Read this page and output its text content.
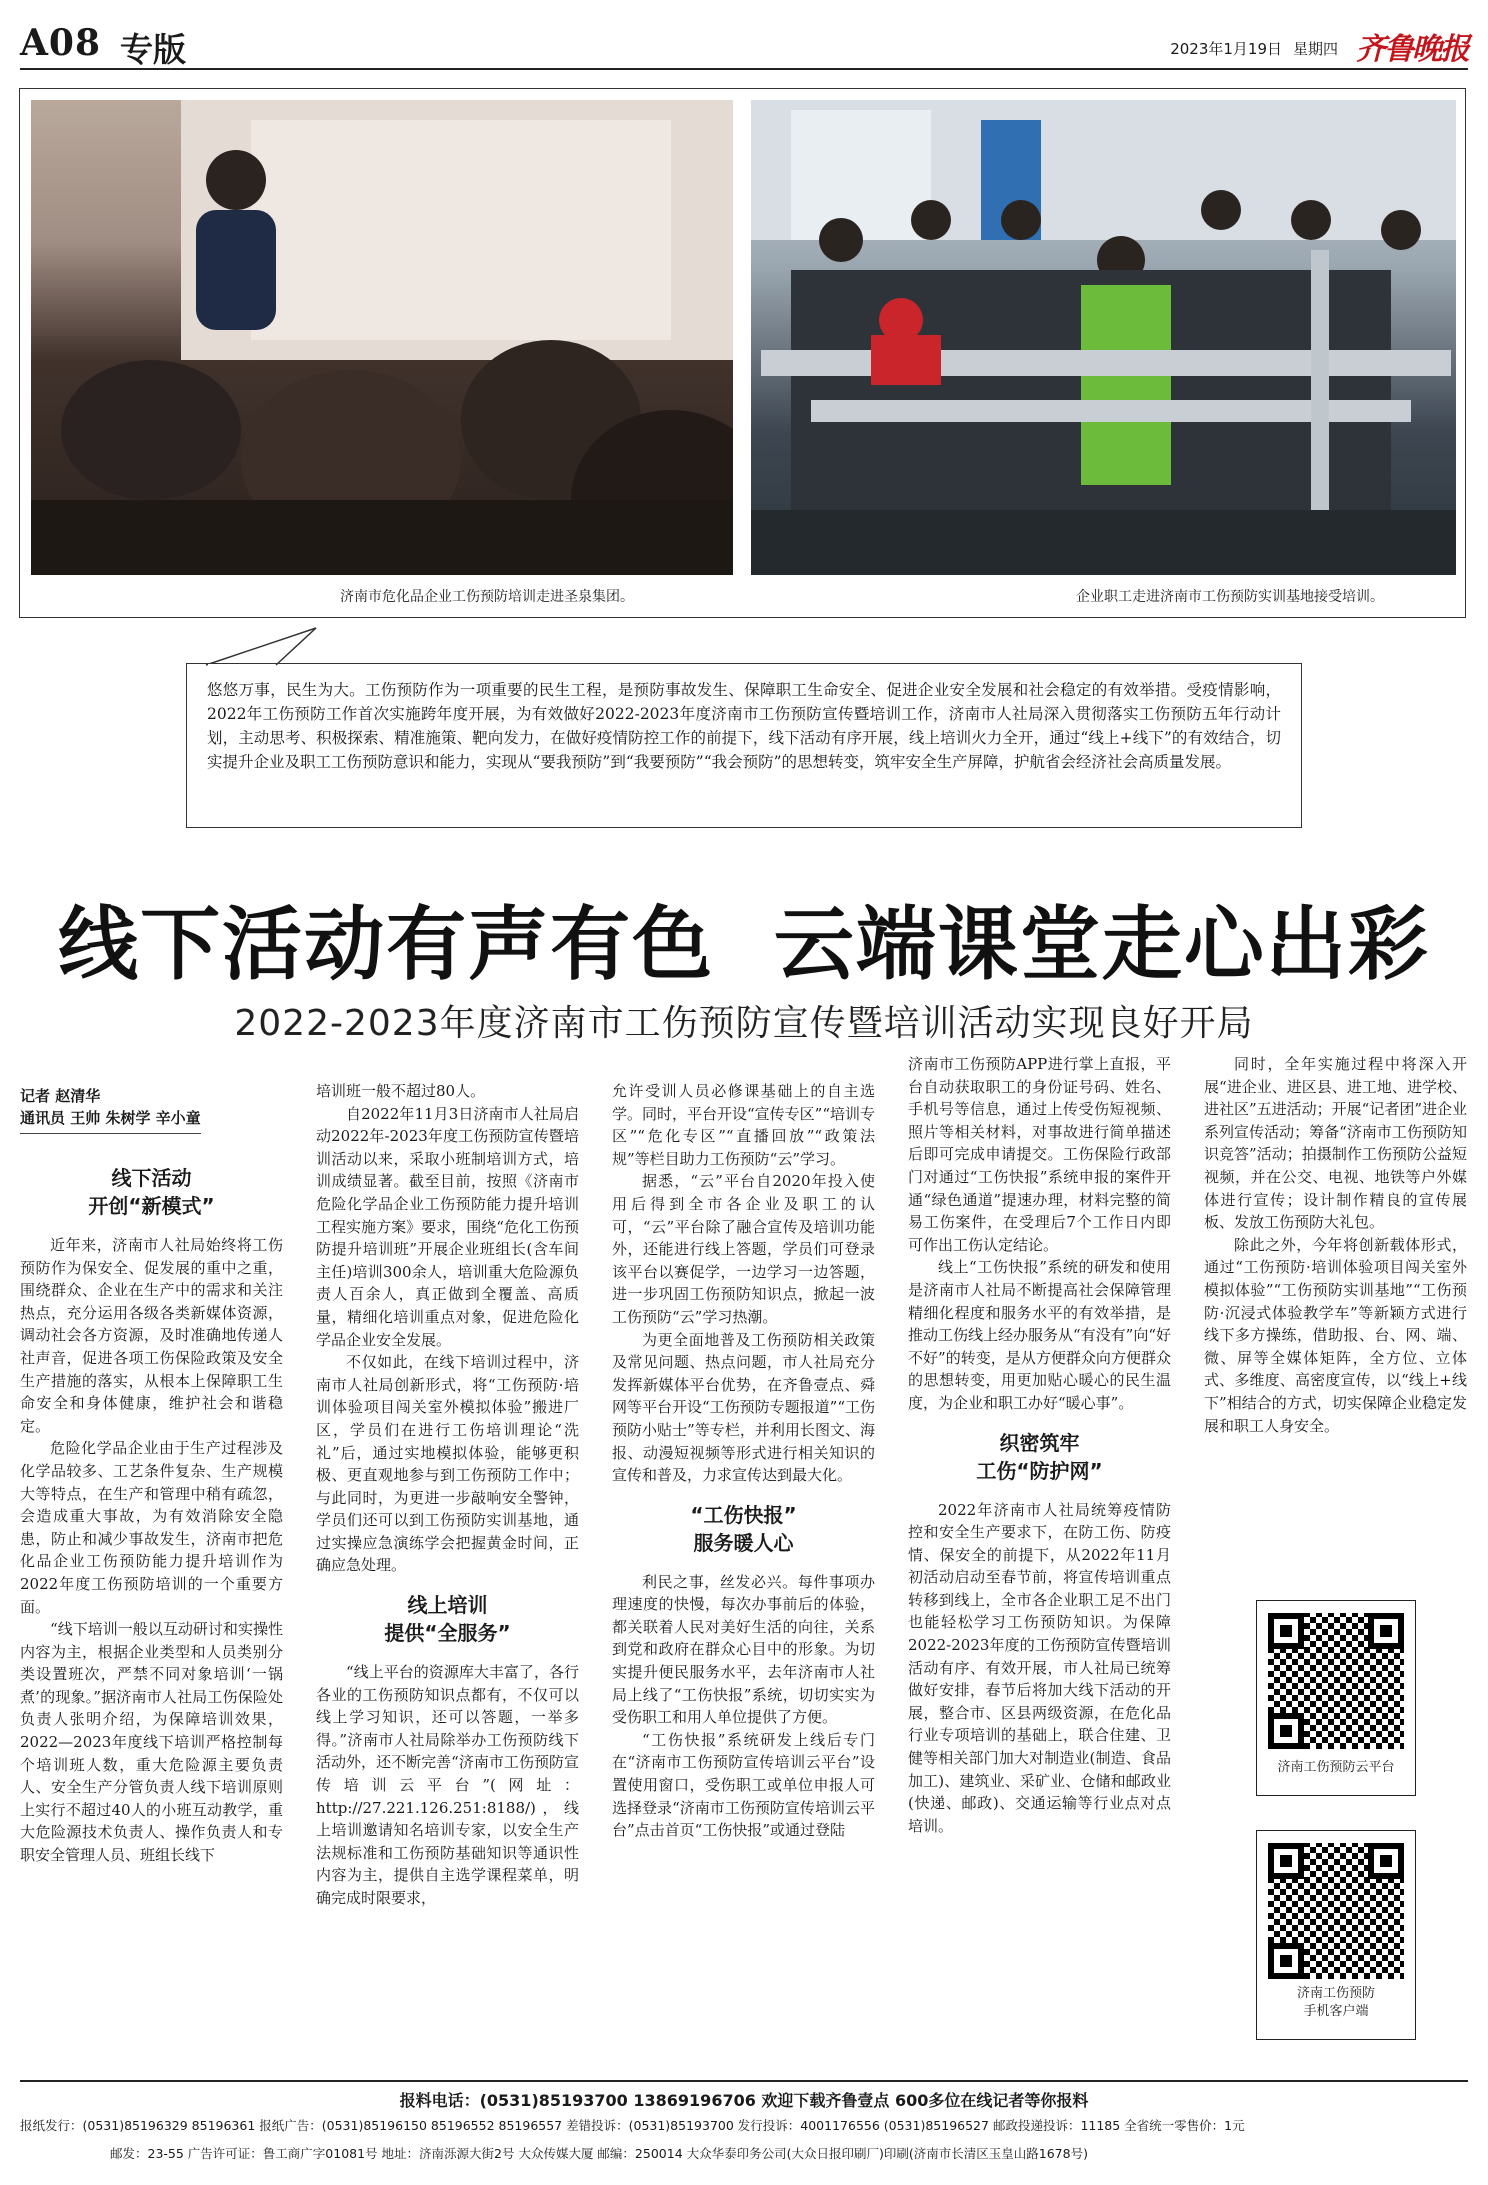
A08 专版	2023年1月19日 星期四 齐鲁晚报
济南市危化品企业工伤预防培训走进圣泉集团。	企业职工走进济南市工伤预防实训基地接受培训。

悠悠万事，民生为大。工伤预防作为一项重要的民生工程，是预防事故发生、保障职工生命安全、促进企业安全发展和社会稳定的有效举措。受疫情影响，2022年工伤预防工作首次实施跨年度开展，为有效做好2022-2023年度济南市工伤预防宣传暨培训工作，济南市人社局深入贯彻落实工伤预防五年行动计划，主动思考、积极探索、精准施策、靶向发力，在做好疫情防控工作的前提下，线下活动有序开展，线上培训火力全开，通过“线上+线下”的有效结合，切实提升企业及职工工伤预防意识和能力，实现从“要我预防”到“我要预防”“我会预防”的思想转变，筑牢安全生产屏障，护航省会经济社会高质量发展。

线下活动有声有色  云端课堂走心出彩
2022-2023年度济南市工伤预防宣传暨培训活动实现良好开局
记者 赵清华
通讯员 王帅 朱树学 辛小童
线下活动
开创“新模式”

近年来，济南市人社局始终将工伤预防作为保安全、促发展的重中之重，围绕群众、企业在生产中的需求和关注热点，充分运用各级各类新媒体资源，调动社会各方资源，及时准确地传递人社声音，促进各项工伤保险政策及安全生产措施的落实，从根本上保障职工生命安全和身体健康，维护社会和谐稳定。

危险化学品企业由于生产过程涉及化学品较多、工艺条件复杂、生产规模大等特点，在生产和管理中稍有疏忽，会造成重大事故，为有效消除安全隐患，防止和减少事故发生，济南市把危化品企业工伤预防能力提升培训作为2022年度工伤预防培训的一个重要方面。

“线下培训一般以互动研讨和实操性内容为主，根据企业类型和人员类别分类设置班次，严禁不同对象培训‘一锅煮’的现象。”据济南市人社局工伤保险处负责人张明介绍，为保障培训效果，2022—2023年度线下培训严格控制每个培训班人数，重大危险源主要负责人、安全生产分管负责人线下培训原则上实行不超过40人的小班互动教学，重大危险源技术负责人、操作负责人和专职安全管理人员、班组长线下

培训班一般不超过80人。

自2022年11月3日济南市人社局启动2022年-2023年度工伤预防宣传暨培训活动以来，采取小班制培训方式，培训成绩显著。截至目前，按照《济南市危险化学品企业工伤预防能力提升培训工程实施方案》要求，围绕“危化工伤预防提升培训班”开展企业班组长(含车间主任)培训300余人，培训重大危险源负责人百余人，真正做到全覆盖、高质量，精细化培训重点对象，促进危险化学品企业安全发展。

不仅如此，在线下培训过程中，济南市人社局创新形式，将“工伤预防·培训体验项目闯关室外模拟体验”搬进厂区，学员们在进行工伤培训理论“洗礼”后，通过实地模拟体验，能够更积极、更直观地参与到工伤预防工作中；与此同时，为更进一步敲响安全警钟，学员们还可以到工伤预防实训基地，通过实操应急演练学会把握黄金时间，正确应急处理。

线上培训
提供“全服务”

“线上平台的资源库大丰富了，各行各业的工伤预防知识点都有，不仅可以线上学习知识，还可以答题，一举多得。”济南市人社局除举办工伤预防线下活动外，还不断完善“济南市工伤预防宣传培训云平台”(网址：http://27.221.126.251:8188/)，线上培训邀请知名培训专家，以安全生产法规标准和工伤预防基础知识等通识性内容为主，提供自主选学课程菜单，明确完成时限要求，

允许受训人员必修课基础上的自主选学。同时，平台开设“宣传专区”“培训专区”“危化专区”“直播回放”“政策法规”等栏目助力工伤预防“云”学习。

据悉，“云”平台自2020年投入使用后得到全市各企业及职工的认可，“云”平台除了融合宣传及培训功能外，还能进行线上答题，学员们可登录该平台以赛促学，一边学习一边答题，进一步巩固工伤预防知识点，掀起一波工伤预防“云”学习热潮。

为更全面地普及工伤预防相关政策及常见问题、热点问题，市人社局充分发挥新媒体平台优势，在齐鲁壹点、舜网等平台开设“工伤预防专题报道”“工伤预防小贴士”等专栏，并利用长图文、海报、动漫短视频等形式进行相关知识的宣传和普及，力求宣传达到最大化。

“工伤快报”
服务暖人心

利民之事，丝发必兴。每件事项办理速度的快慢，每次办事前后的体验，都关联着人民对美好生活的向往，关系到党和政府在群众心目中的形象。为切实提升便民服务水平，去年济南市人社局上线了“工伤快报”系统，切切实实为受伤职工和用人单位提供了方便。

“工伤快报”系统研发上线后专门在“济南市工伤预防宣传培训云平台”设置使用窗口，受伤职工或单位申报人可选择登录“济南市工伤预防宣传培训云平台”点击首页“工伤快报”或通过登陆

济南市工伤预防APP进行掌上直报，平台自动获取职工的身份证号码、姓名、手机号等信息，通过上传受伤短视频、照片等相关材料，对事故进行简单描述后即可完成申请提交。工伤保险行政部门对通过“工伤快报”系统申报的案件开通“绿色通道”提速办理，材料完整的简易工伤案件，在受理后7个工作日内即可作出工伤认定结论。

线上“工伤快报”系统的研发和使用是济南市人社局不断提高社会保障管理精细化程度和服务水平的有效举措，是推动工伤线上经办服务从“有没有”向“好不好”的转变，是从方便群众向方便群众的思想转变，用更加贴心暖心的民生温度，为企业和职工办好“暖心事”。

织密筑牢
工伤“防护网”

2022年济南市人社局统筹疫情防控和安全生产要求下，在防工伤、防疫情、保安全的前提下，从2022年11月初活动启动至春节前，将宣传培训重点转移到线上，全市各企业职工足不出门也能轻松学习工伤预防知识。为保障2022-2023年度的工伤预防宣传暨培训活动有序、有效开展，市人社局已统筹做好安排，春节后将加大线下活动的开展，整合市、区县两级资源，在危化品行业专项培训的基础上，联合住建、卫健等相关部门加大对制造业(制造、食品加工)、建筑业、采矿业、仓储和邮政业(快递、邮政)、交通运输等行业点对点培训。

同时，全年实施过程中将深入开展“进企业、进区县、进工地、进学校、进社区”五进活动；开展“记者团”进企业系列宣传活动；筹备“济南市工伤预防知识竞答”活动；拍摄制作工伤预防公益短视频，并在公交、电视、地铁等户外媒体进行宣传；设计制作精良的宣传展板、发放工伤预防大礼包。

除此之外，今年将创新载体形式，通过“工伤预防·培训体验项目闯关室外模拟体验”“工伤预防实训基地”“工伤预防·沉浸式体验教学车”等新颖方式进行线下多方操练，借助报、台、网、端、微、屏等全媒体矩阵，全方位、立体式、多维度、高密度宣传，以“线上+线下”相结合的方式，切实保障企业稳定发展和职工人身安全。

济南工伤预防云平台
济南工伤预防
手机客户端
报料电话：(0531)85193700 13869196706 欢迎下载齐鲁壹点 600多位在线记者等你报料
报纸发行：(0531)85196329 85196361 报纸广告：(0531)85196150 85196552 85196557 差错投诉：(0531)85193700 发行投诉：4001176556 (0531)85196527 邮政投递投诉：11185 全省统一零售价：1元
邮发：23-55 广告许可证：鲁工商广字01081号 地址：济南泺源大街2号 大众传媒大厦 邮编：250014 大众华泰印务公司(大众日报印刷厂)印刷(济南市长清区玉皇山路1678号)
